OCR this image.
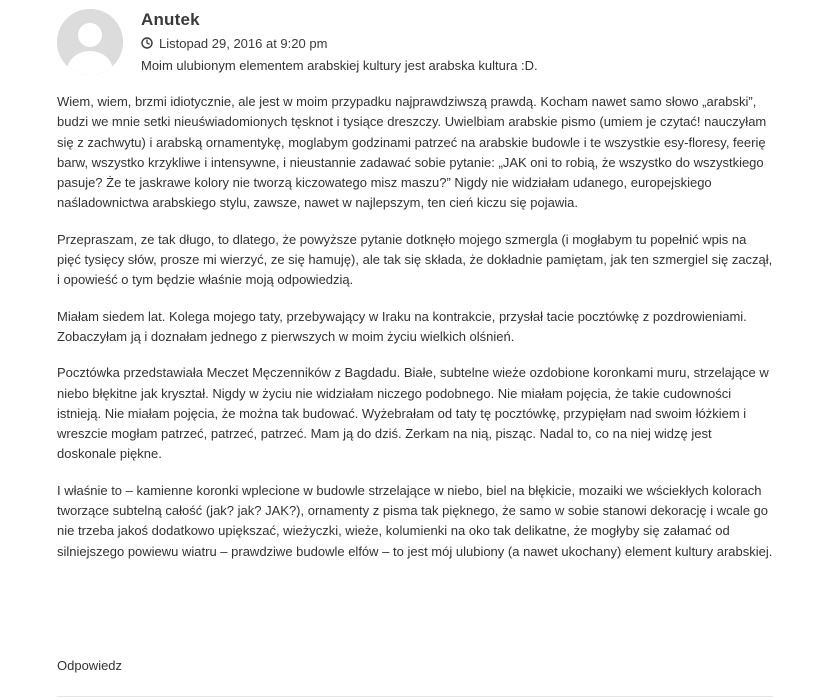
Anutek
Listopad 29, 2016 at 9:20 pm
Moim ulubionym elementem arabskiej kultury jest arabska kultura :D.

Wiem, wiem, brzmi idiotycznie, ale jest w moim przypadku najprawdziwszą prawdą. Kocham nawet samo słowo „arabski”, budzi we mnie setki nieuświadomionych tęsknot i tysiące dreszczy. Uwielbiam arabskie pismo (umiem je czytać! nauczyłam się z zachwytu) i arabską ornamentykę, moglabym godzinami patrzeć na arabskie budowle i te wszystkie esy-floresy, feerię barw, wszystko krzykliwe i intensywne, i nieustannie zadawać sobie pytanie: „JAK oni to robią, że wszystko do wszystkiego pasuje? Że te jaskrawe kolory nie tworzą kiczowatego misz maszu?” Nigdy nie widziałam udanego, europejskiego naśladownictwa arabskiego stylu, zawsze, nawet w najlepszym, ten cień kiczu się pojawia.

Przepraszam, ze tak długo, to dlatego, że powyższe pytanie dotknęło mojego szmergla (i mogłabym tu popełnić wpis na pięć tysięcy słów, prosze mi wierzyć, ze się hamuję), ale tak się składa, że dokładnie pamiętam, jak ten szmergiel się zaczął, i opowieść o tym będzie właśnie moją odpowiedzią.

Miałam siedem lat. Kolega mojego taty, przebywający w Iraku na kontrakcie, przysłał tacie pocztówkę z pozdrowieniami. Zobaczyłam ją i doznałam jednego z pierwszych w moim życiu wielkich olśnień.

Pocztówka przedstawiała Meczet Męczenników z Bagdadu. Białe, subtelne wieże ozdobione koronkami muru, strzelające w niebo błękitne jak kryształ. Nigdy w życiu nie widziałam niczego podobnego. Nie miałam pojęcia, że takie cudowności istnieją. Nie miałam pojęcia, że można tak budować. Wyżebrałam od taty tę pocztówkę, przypięłam nad swoim łóżkiem i wreszcie mogłam patrzeć, patrzeć, patrzeć. Mam ją do dziś. Zerkam na nią, pisząc. Nadal to, co na niej widzę jest doskonale piękne.

I właśnie to – kamienne koronki wplecione w budowle strzelające w niebo, biel na błękicie, mozaiki we wściekłych kolorach tworzące subtelną całość (jak? jak? JAK?), ornamenty z pisma tak pięknego, że samo w sobie stanowi dekorację i wcale go nie trzeba jakoś dodatkowo upiększać, wieżyczki, wieże, kolumienki na oko tak delikatne, że mogłyby się załamać od silniejszego powiewu wiatru – prawdziwe budowle elfów – to jest mój ulubiony (a nawet ukochany) element kultury arabskiej.

Odpowiedz
